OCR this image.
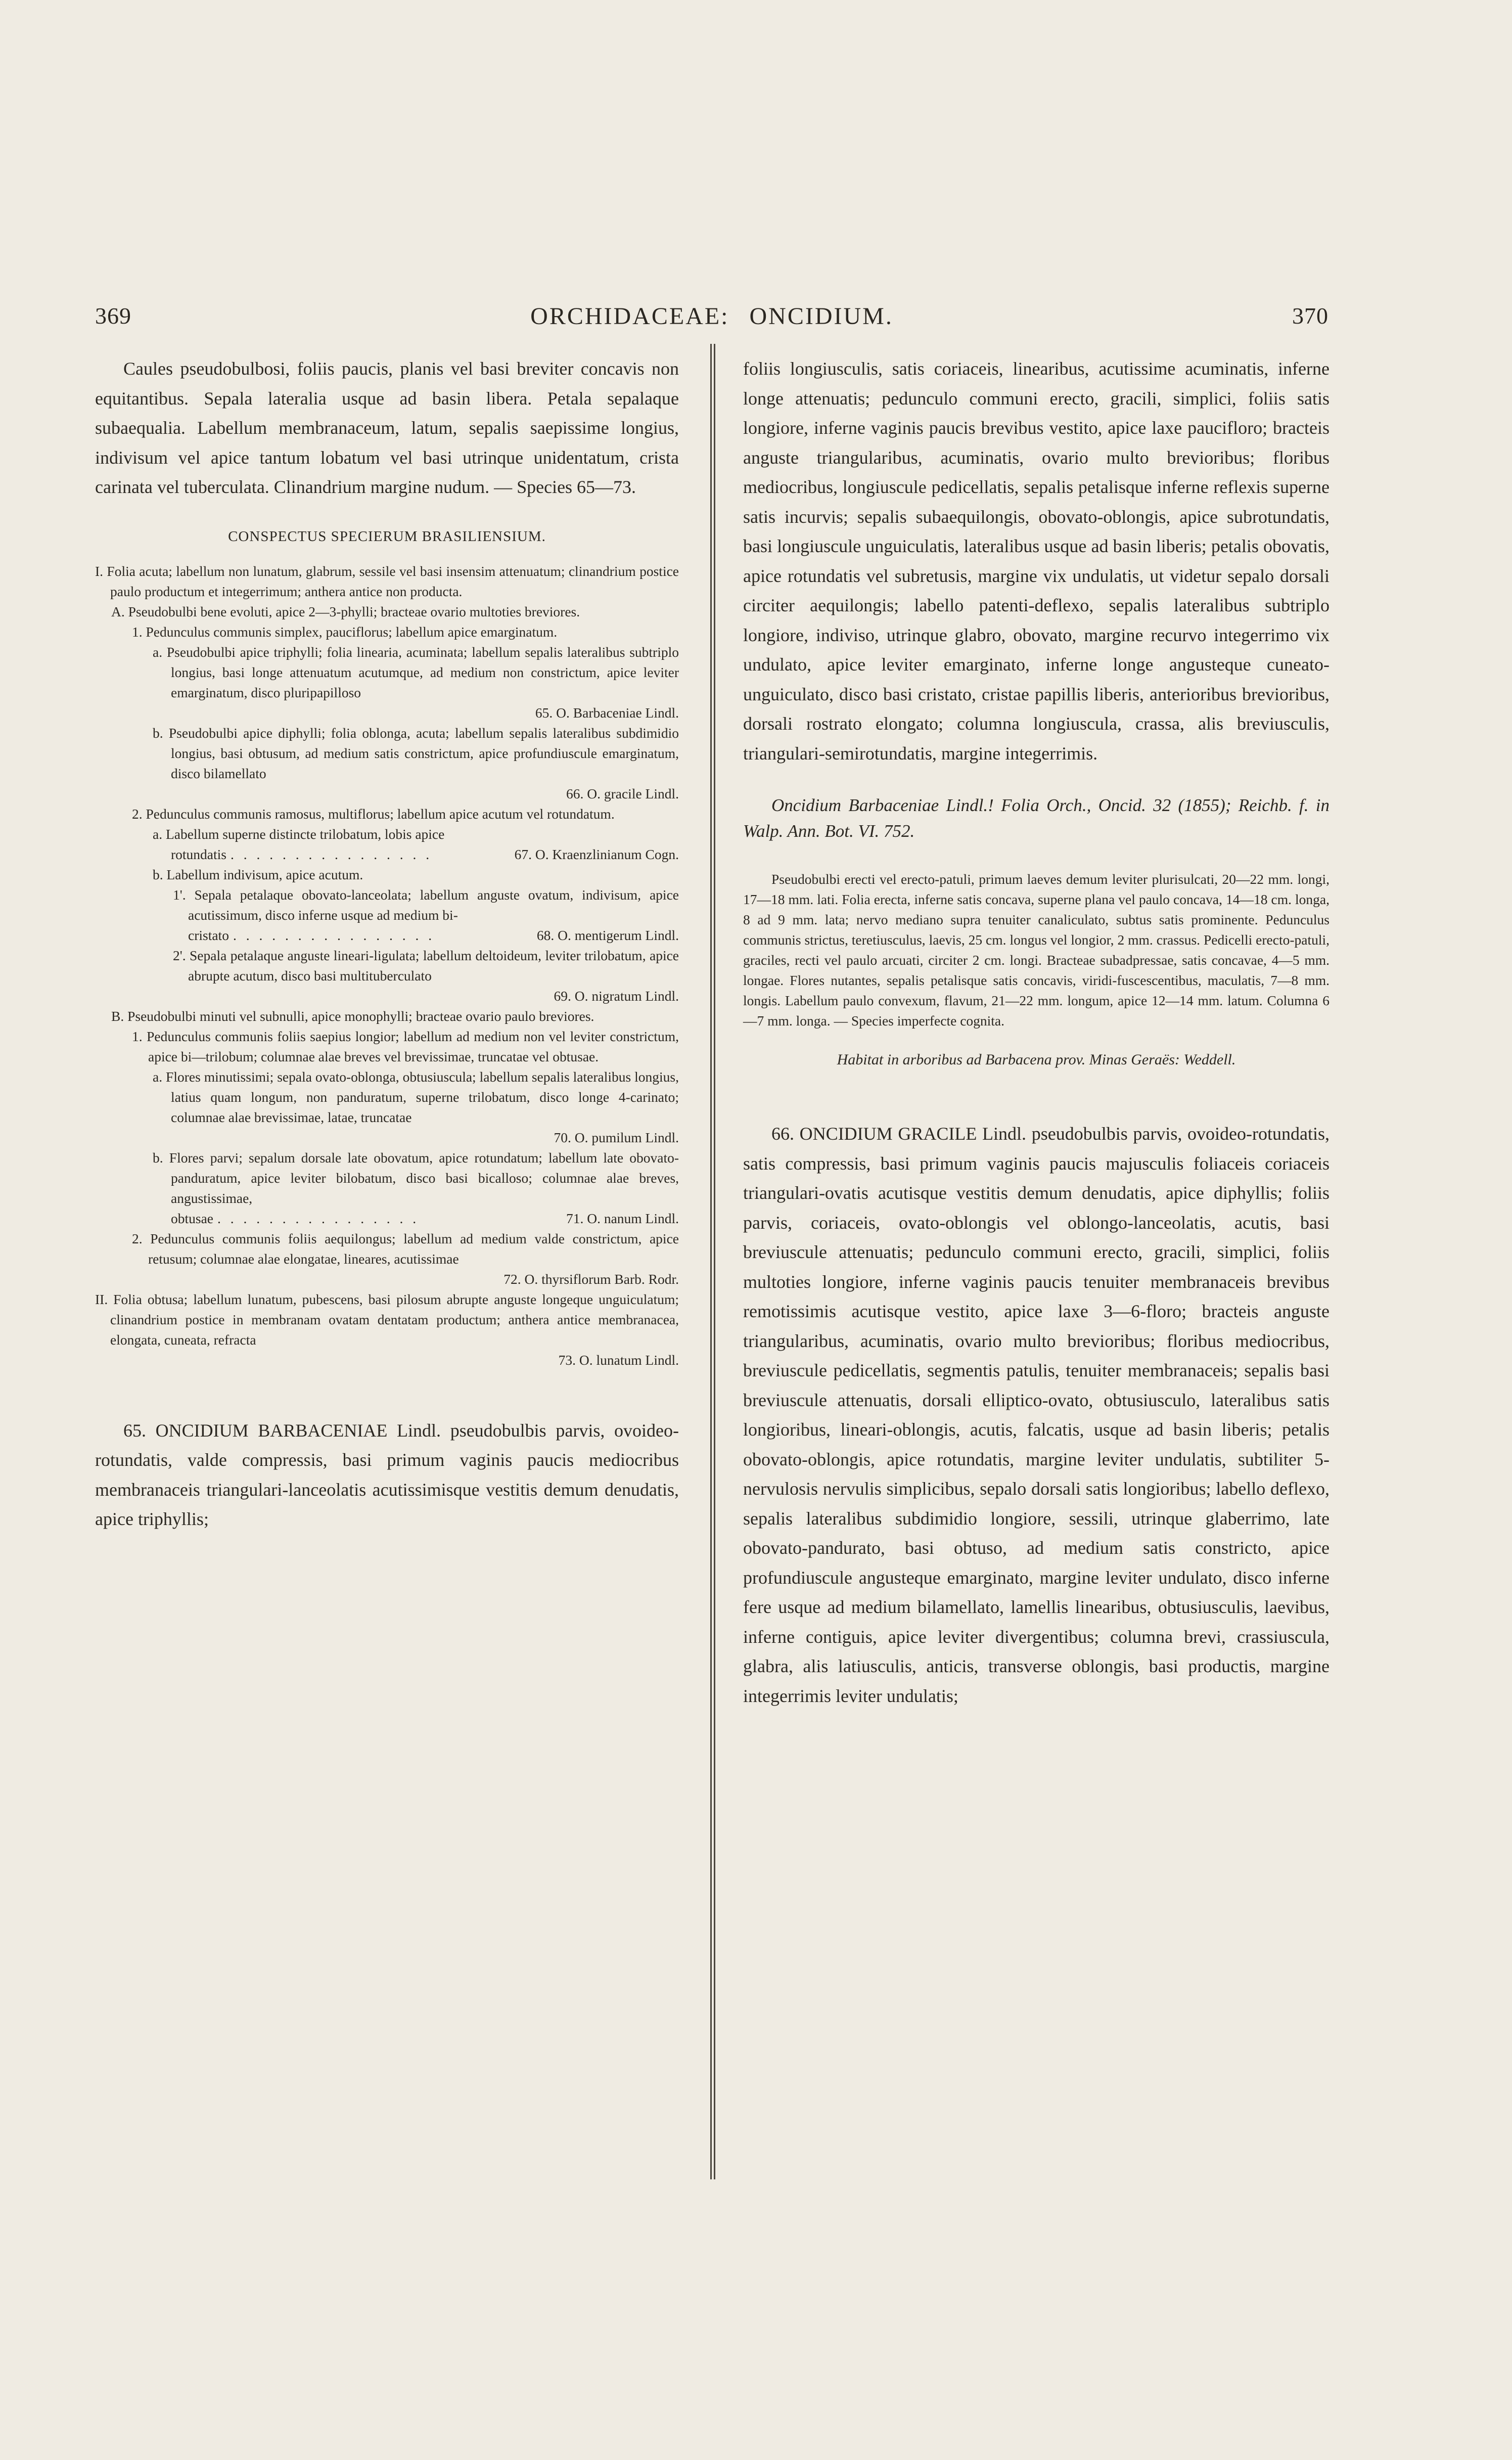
369	ORCHIDACEAE: ONCIDIUM.	370

Caules pseudobulbosi, foliis paucis, planis vel basi breviter concavis non equitantibus. Sepala lateralia usque ad basin libera. Petala sepalaque subaequalia. Labellum membranaceum, latum, sepalis saepissime longius, indivisum vel apice tantum lobatum vel basi utrinque unidentatum, crista carinata vel tuberculata. Clinandrium margine nudum. — Species 65—73.

CONSPECTUS SPECIERUM BRASILIENSIUM.

I. Folia acuta; labellum non lunatum, glabrum, sessile vel basi insensim attenuatum; clinandrium postice paulo productum et integerrimum; anthera antice non producta.

A. Pseudobulbi bene evoluti, apice 2—3-phylli; bracteae ovario multoties breviores.

1. Pedunculus communis simplex, pauciflorus; labellum apice emarginatum.

a. Pseudobulbi apice triphylli; folia linearia, acuminata; labellum sepalis lateralibus subtriplo longius, basi longe attenuatum acutumque, ad medium non constrictum, apice leviter emarginatum, disco pluripapilloso

65. O. Barbaceniae Lindl.

b. Pseudobulbi apice diphylli; folia oblonga, acuta; labellum sepalis lateralibus subdimidio longius, basi obtusum, ad medium satis constrictum, apice profundiuscule emarginatum, disco bilamellato

66. O. gracile Lindl.

2. Pedunculus communis ramosus, multiflorus; labellum apice acutum vel rotundatum.

a. Labellum superne distincte trilobatum, lobis apice

rotundatis . . . . . . . . . . . . . . . .	67. O. Kraenzlinianum Cogn.

b. Labellum indivisum, apice acutum.

1'. Sepala petalaque obovato-lanceolata; labellum anguste ovatum, indivisum, apice acutissimum, disco inferne usque ad medium bi-

cristato . . . . . . . . . . . . . . . .	68. O. mentigerum Lindl.

2'. Sepala petalaque anguste lineari-ligulata; labellum deltoideum, leviter trilobatum, apice abrupte acutum, disco basi multituberculato

69. O. nigratum Lindl.

B. Pseudobulbi minuti vel subnulli, apice monophylli; bracteae ovario paulo breviores.

1. Pedunculus communis foliis saepius longior; labellum ad medium non vel leviter constrictum, apice bi—trilobum; columnae alae breves vel brevissimae, truncatae vel obtusae.

a. Flores minutissimi; sepala ovato-oblonga, obtusiuscula; labellum sepalis lateralibus longius, latius quam longum, non panduratum, superne trilobatum, disco longe 4-carinato; columnae alae brevissimae, latae, truncatae

70. O. pumilum Lindl.

b. Flores parvi; sepalum dorsale late obovatum, apice rotundatum; labellum late obovato-panduratum, apice leviter bilobatum, disco basi bicalloso; columnae alae breves, angustissimae,

obtusae . . . . . . . . . . . . . . . .	71. O. nanum Lindl.

2. Pedunculus communis foliis aequilongus; labellum ad medium valde constrictum, apice retusum; columnae alae elongatae, lineares, acutissimae

72. O. thyrsiflorum Barb. Rodr.

II. Folia obtusa; labellum lunatum, pubescens, basi pilosum abrupte anguste longeque unguiculatum; clinandrium postice in membranam ovatam dentatam productum; anthera antice membranacea, elongata, cuneata, refracta

73. O. lunatum Lindl.

65. ONCIDIUM BARBACENIAE Lindl. pseudobulbis parvis, ovoideo-rotundatis, valde compressis, basi primum vaginis paucis mediocribus membranaceis triangulari-lanceolatis acutissimisque vestitis demum denudatis, apice triphyllis;

foliis longiusculis, satis coriaceis, linearibus, acutissime acuminatis, inferne longe attenuatis; pedunculo communi erecto, gracili, simplici, foliis satis longiore, inferne vaginis paucis brevibus vestito, apice laxe paucifloro; bracteis anguste triangularibus, acuminatis, ovario multo brevioribus; floribus mediocribus, longiuscule pedicellatis, sepalis petalisque inferne reflexis superne satis incurvis; sepalis subaequilongis, obovato-oblongis, apice subrotundatis, basi longiuscule unguiculatis, lateralibus usque ad basin liberis; petalis obovatis, apice rotundatis vel subretusis, margine vix undulatis, ut videtur sepalo dorsali circiter aequilongis; labello patenti-deflexo, sepalis lateralibus subtriplo longiore, indiviso, utrinque glabro, obovato, margine recurvo integerrimo vix undulato, apice leviter emarginato, inferne longe angusteque cuneato-unguiculato, disco basi cristato, cristae papillis liberis, anterioribus brevioribus, dorsali rostrato elongato; columna longiuscula, crassa, alis breviusculis, triangulari-semirotundatis, margine integerrimis.

Oncidium Barbaceniae Lindl.! Folia Orch., Oncid. 32 (1855); Reichb. f. in Walp. Ann. Bot. VI. 752.

Pseudobulbi erecti vel erecto-patuli, primum laeves demum leviter plurisulcati, 20—22 mm. longi, 17—18 mm. lati. Folia erecta, inferne satis concava, superne plana vel paulo concava, 14—18 cm. longa, 8 ad 9 mm. lata; nervo mediano supra tenuiter canaliculato, subtus satis prominente. Pedunculus communis strictus, teretiusculus, laevis, 25 cm. longus vel longior, 2 mm. crassus. Pedicelli erecto-patuli, graciles, recti vel paulo arcuati, circiter 2 cm. longi. Bracteae subadpressae, satis concavae, 4—5 mm. longae. Flores nutantes, sepalis petalisque satis concavis, viridi-fuscescentibus, maculatis, 7—8 mm. longis. Labellum paulo convexum, flavum, 21—22 mm. longum, apice 12—14 mm. latum. Columna 6—7 mm. longa. — Species imperfecte cognita.

Habitat in arboribus ad Barbacena prov. Minas Geraës: Weddell.

66. ONCIDIUM GRACILE Lindl. pseudobulbis parvis, ovoideo-rotundatis, satis compressis, basi primum vaginis paucis majusculis foliaceis coriaceis triangulari-ovatis acutisque vestitis demum denudatis, apice diphyllis; foliis parvis, coriaceis, ovato-oblongis vel oblongo-lanceolatis, acutis, basi breviuscule attenuatis; pedunculo communi erecto, gracili, simplici, foliis multoties longiore, inferne vaginis paucis tenuiter membranaceis brevibus remotissimis acutisque vestito, apice laxe 3—6-floro; bracteis anguste triangularibus, acuminatis, ovario multo brevioribus; floribus mediocribus, breviuscule pedicellatis, segmentis patulis, tenuiter membranaceis; sepalis basi breviuscule attenuatis, dorsali elliptico-ovato, obtusiusculo, lateralibus satis longioribus, lineari-oblongis, acutis, falcatis, usque ad basin liberis; petalis obovato-oblongis, apice rotundatis, margine leviter undulatis, subtiliter 5-nervulosis nervulis simplicibus, sepalo dorsali satis longioribus; labello deflexo, sepalis lateralibus subdimidio longiore, sessili, utrinque glaberrimo, late obovato-pandurato, basi obtuso, ad medium satis constricto, apice profundiuscule angusteque emarginato, margine leviter undulato, disco inferne fere usque ad medium bilamellato, lamellis linearibus, obtusiusculis, laevibus, inferne contiguis, apice leviter divergentibus; columna brevi, crassiuscula, glabra, alis latiusculis, anticis, transverse oblongis, basi productis, margine integerrimis leviter undulatis;
